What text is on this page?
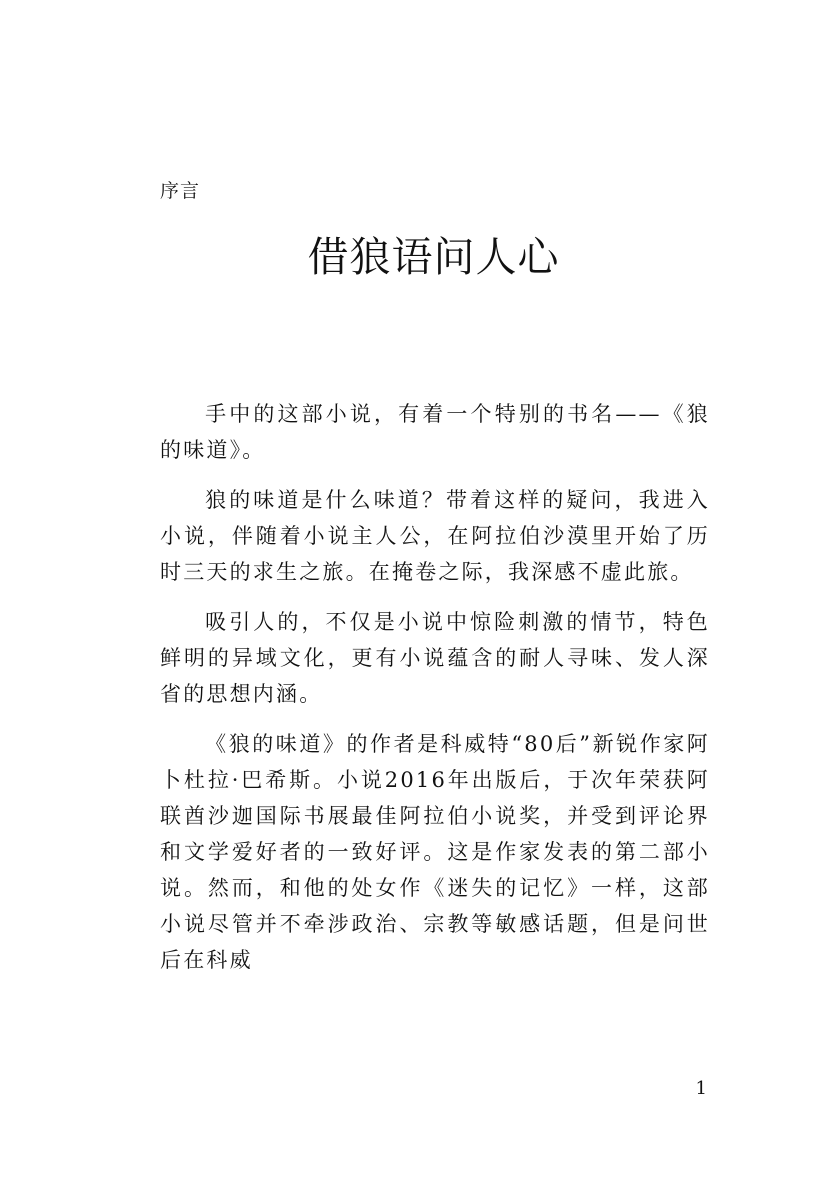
序言
借狼语问人心

手中的这部小说，有着一个特别的书名——《狼的味道》。

狼的味道是什么味道？带着这样的疑问，我进入小说，伴随着小说主人公，在阿拉伯沙漠里开始了历时三天的求生之旅。在掩卷之际，我深感不虚此旅。

吸引人的，不仅是小说中惊险刺激的情节，特色鲜明的异域文化，更有小说蕴含的耐人寻味、发人深省的思想内涵。

《狼的味道》的作者是科威特“80后”新锐作家阿卜杜拉·巴希斯。小说2016年出版后，于次年荣获阿联酋沙迦国际书展最佳阿拉伯小说奖，并受到评论界和文学爱好者的一致好评。这是作家发表的第二部小说。然而，和他的处女作《迷失的记忆》一样，这部小说尽管并不牵涉政治、宗教等敏感话题，但是问世后在科威

1
